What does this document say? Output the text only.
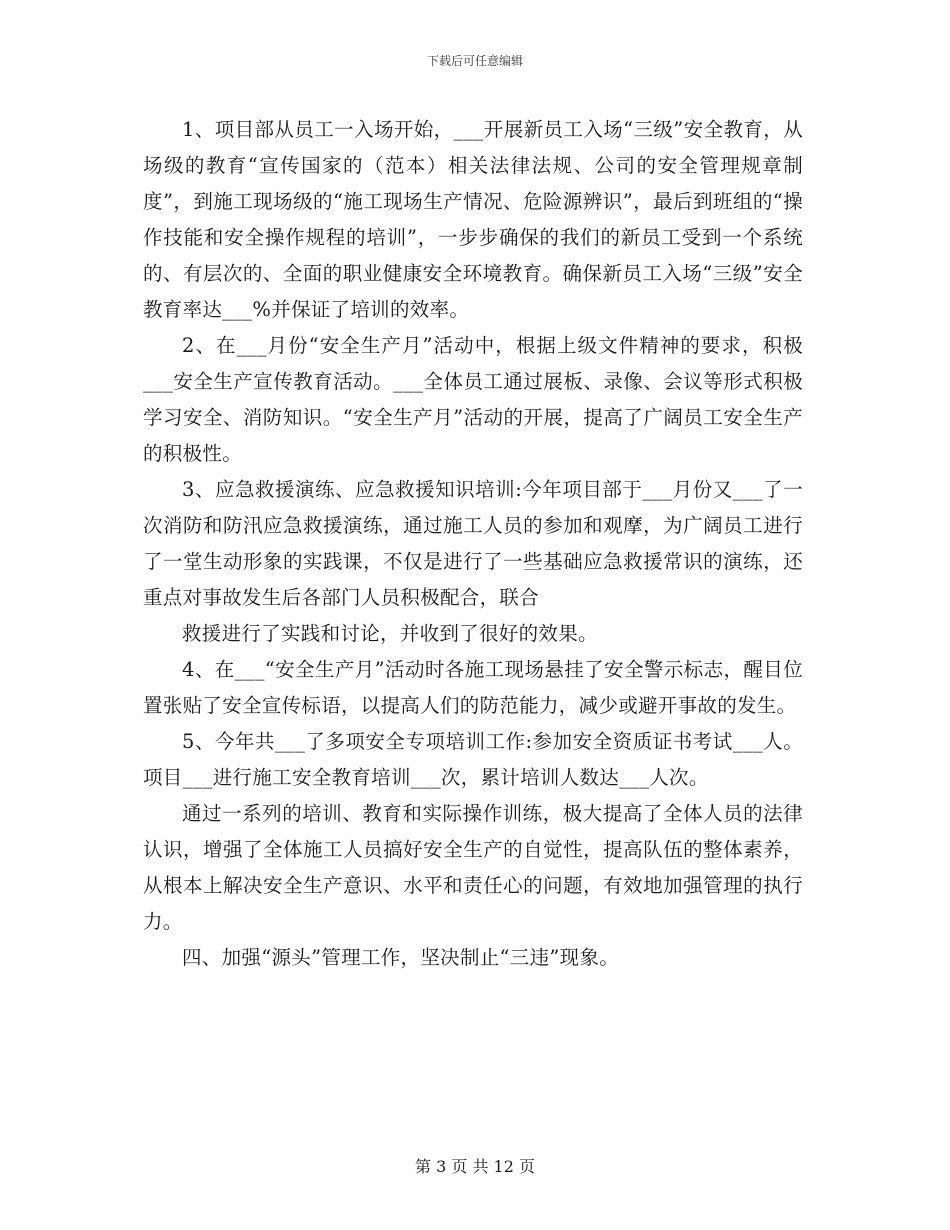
下载后可任意编辑

1、项目部从员工一入场开始，___开展新员工入场“三级”安全教育，从场级的教育“宣传国家的（范本）相关法律法规、公司的安全管理规章制度”，到施工现场级的“施工现场生产情况、危险源辨识”，最后到班组的“操作技能和安全操作规程的培训”，一步步确保的我们的新员工受到一个系统的、有层次的、全面的职业健康安全环境教育。确保新员工入场“三级”安全教育率达___%并保证了培训的效率。

2、在___月份“安全生产月”活动中，根据上级文件精神的要求，积极___安全生产宣传教育活动。___全体员工通过展板、录像、会议等形式积极学习安全、消防知识。“安全生产月”活动的开展，提高了广阔员工安全生产的积极性。

3、应急救援演练、应急救援知识培训:今年项目部于___月份又___了一次消防和防汛应急救援演练，通过施工人员的参加和观摩，为广阔员工进行了一堂生动形象的实践课，不仅是进行了一些基础应急救援常识的演练，还重点对事故发生后各部门人员积极配合，联合

救援进行了实践和讨论，并收到了很好的效果。

4、在___“安全生产月”活动时各施工现场悬挂了安全警示标志，醒目位置张贴了安全宣传标语，以提高人们的防范能力，减少或避开事故的发生。

5、今年共___了多项安全专项培训工作:参加安全资质证书考试___人。项目___进行施工安全教育培训___次，累计培训人数达___人次。

通过一系列的培训、教育和实际操作训练，极大提高了全体人员的法律认识，增强了全体施工人员搞好安全生产的自觉性，提高队伍的整体素养，从根本上解决安全生产意识、水平和责任心的问题，有效地加强管理的执行力。

四、加强“源头”管理工作，坚决制止“三违”现象。

第 3 页 共 12 页
